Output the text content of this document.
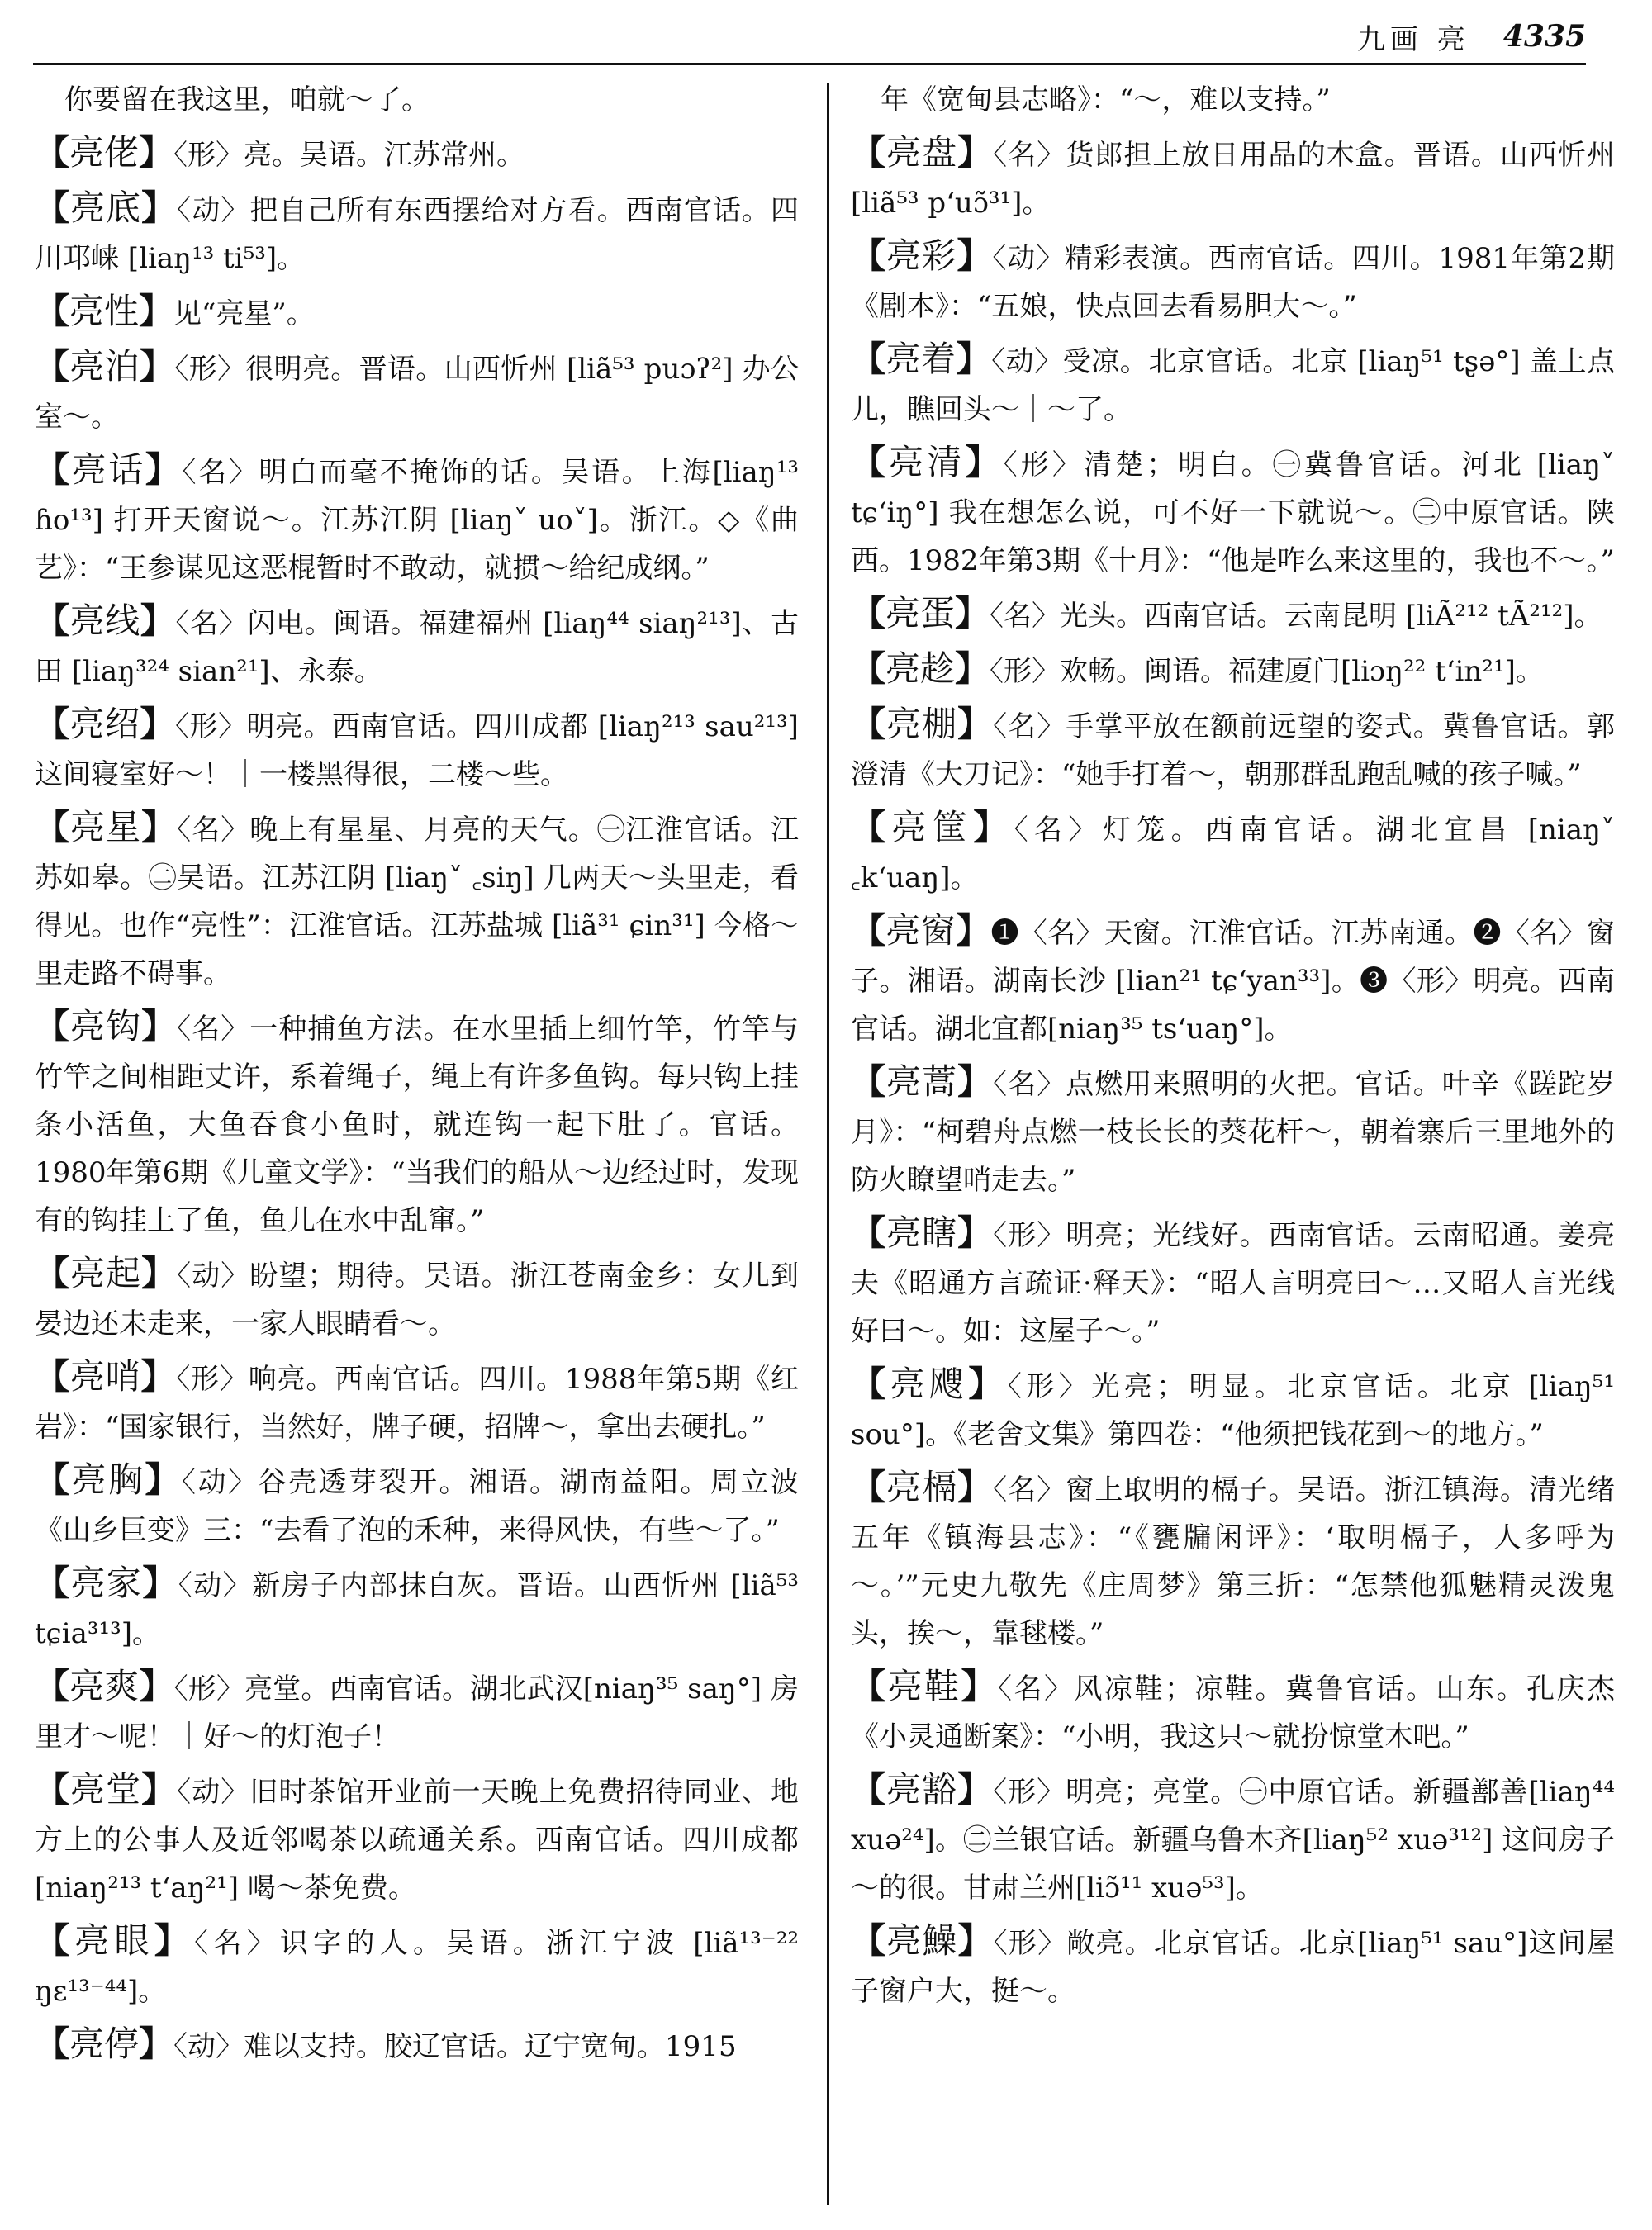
九画 亮 4335

你要留在我这里，咱就～了。

【亮佬】〈形〉亮。吴语。江苏常州。

【亮底】〈动〉把自己所有东西摆给对方看。西南官话。四川邛崃 [liaŋ¹³ ti⁵³]。

【亮性】见“亮星”。

【亮泊】〈形〉很明亮。晋语。山西忻州 [liã⁵³ puɔʔ²] 办公室～。

【亮话】〈名〉明白而毫不掩饰的话。吴语。上海[liaŋ¹³ ɦo¹³] 打开天窗说～。江苏江阴 [liaŋ˅ uo˅]。浙江。◇《曲艺》：“王参谋见这恶棍暂时不敢动，就掼～给纪成纲。”

【亮线】〈名〉闪电。闽语。福建福州 [liaŋ⁴⁴ siaŋ²¹³]、古田 [liaŋ³²⁴ sian²¹]、永泰。

【亮绍】〈形〉明亮。西南官话。四川成都 [liaŋ²¹³ sau²¹³] 这间寝室好～！｜一楼黑得很，二楼～些。

【亮星】〈名〉晚上有星星、月亮的天气。㊀江淮官话。江苏如皋。㊁吴语。江苏江阴 [liaŋ˅ ꜀siŋ] 几两天～头里走，看得见。也作“亮性”：江淮官话。江苏盐城 [liã³¹ ɕin³¹] 今格～里走路不碍事。

【亮钩】〈名〉一种捕鱼方法。在水里插上细竹竿，竹竿与竹竿之间相距丈许，系着绳子，绳上有许多鱼钩。每只钩上挂条小活鱼，大鱼吞食小鱼时，就连钩一起下肚了。官话。1980年第6期《儿童文学》：“当我们的船从～边经过时，发现有的钩挂上了鱼，鱼儿在水中乱窜。”

【亮起】〈动〉盼望；期待。吴语。浙江苍南金乡：女儿到晏边还未走来，一家人眼睛看～。

【亮哨】〈形〉响亮。西南官话。四川。1988年第5期《红岩》：“国家银行，当然好，牌子硬，招牌～，拿出去硬扎。”

【亮胸】〈动〉谷壳透芽裂开。湘语。湖南益阳。周立波《山乡巨变》三：“去看了泡的禾种，来得风快，有些～了。”

【亮家】〈动〉新房子内部抹白灰。晋语。山西忻州 [liã⁵³ tɕia³¹³]。

【亮爽】〈形〉亮堂。西南官话。湖北武汉[niaŋ³⁵ saŋ°] 房里才～呢！｜好～的灯泡子！

【亮堂】〈动〉旧时茶馆开业前一天晚上免费招待同业、地方上的公事人及近邻喝茶以疏通关系。西南官话。四川成都 [niaŋ²¹³ t‘aŋ²¹] 喝～茶免费。

【亮眼】〈名〉识字的人。吴语。浙江宁波 [liã¹³⁻²² ŋɛ¹³⁻⁴⁴]。

【亮停】〈动〉难以支持。胶辽官话。辽宁宽甸。1915

年《宽甸县志略》：“～，难以支持。”

【亮盘】〈名〉货郎担上放日用品的木盒。晋语。山西忻州 [liã⁵³ p‘uɔ̃³¹]。

【亮彩】〈动〉精彩表演。西南官话。四川。1981年第2期《剧本》：“五娘，快点回去看易胆大～。”

【亮着】〈动〉受凉。北京官话。北京 [liaŋ⁵¹ tʂə°] 盖上点儿，瞧回头～｜～了。

【亮清】〈形〉清楚；明白。㊀冀鲁官话。河北 [liaŋ˅ tɕ‘iŋ°] 我在想怎么说，可不好一下就说～。㊁中原官话。陕西。1982年第3期《十月》：“他是咋么来这里的，我也不～。”

【亮蛋】〈名〉光头。西南官话。云南昆明 [liÃ²¹² tÃ²¹²]。

【亮趁】〈形〉欢畅。闽语。福建厦门[liɔŋ²² t‘in²¹]。

【亮棚】〈名〉手掌平放在额前远望的姿式。冀鲁官话。郭澄清《大刀记》：“她手打着～，朝那群乱跑乱喊的孩子喊。”

【亮筐】〈名〉灯笼。西南官话。湖北宜昌 [niaŋ˅ ꜀k‘uaŋ]。

【亮窗】❶〈名〉天窗。江淮官话。江苏南通。❷〈名〉窗子。湘语。湖南长沙 [lian²¹ tɕ‘yan³³]。❸〈形〉明亮。西南官话。湖北宜都[niaŋ³⁵ ts‘uaŋ°]。

【亮蒿】〈名〉点燃用来照明的火把。官话。叶辛《蹉跎岁月》：“柯碧舟点燃一枝长长的葵花杆～，朝着寨后三里地外的防火瞭望哨走去。”

【亮瞎】〈形〉明亮；光线好。西南官话。云南昭通。姜亮夫《昭通方言疏证·释天》：“昭人言明亮曰～…又昭人言光线好曰～。如：这屋子～。”

【亮飕】〈形〉光亮；明显。北京官话。北京 [liaŋ⁵¹ sou°]。《老舍文集》第四卷：“他须把钱花到～的地方。”

【亮槅】〈名〉窗上取明的槅子。吴语。浙江镇海。清光绪五年《镇海县志》：“《甕牖闲评》：‘取明槅子，人多呼为～。’”元史九敬先《庄周梦》第三折：“怎禁他狐魅精灵泼鬼头，挨～，靠毬楼。”

【亮鞋】〈名〉风凉鞋；凉鞋。冀鲁官话。山东。孔庆杰《小灵通断案》：“小明，我这只～就扮惊堂木吧。”

【亮豁】〈形〉明亮；亮堂。㊀中原官话。新疆鄯善[liaŋ⁴⁴ xuə²⁴]。㊁兰银官话。新疆乌鲁木齐[liaŋ⁵² xuə³¹²] 这间房子～的很。甘肃兰州[liɔ̃¹¹ xuə⁵³]。

【亮鱢】〈形〉敞亮。北京官话。北京[liaŋ⁵¹ sau°]这间屋子窗户大，挺～。
